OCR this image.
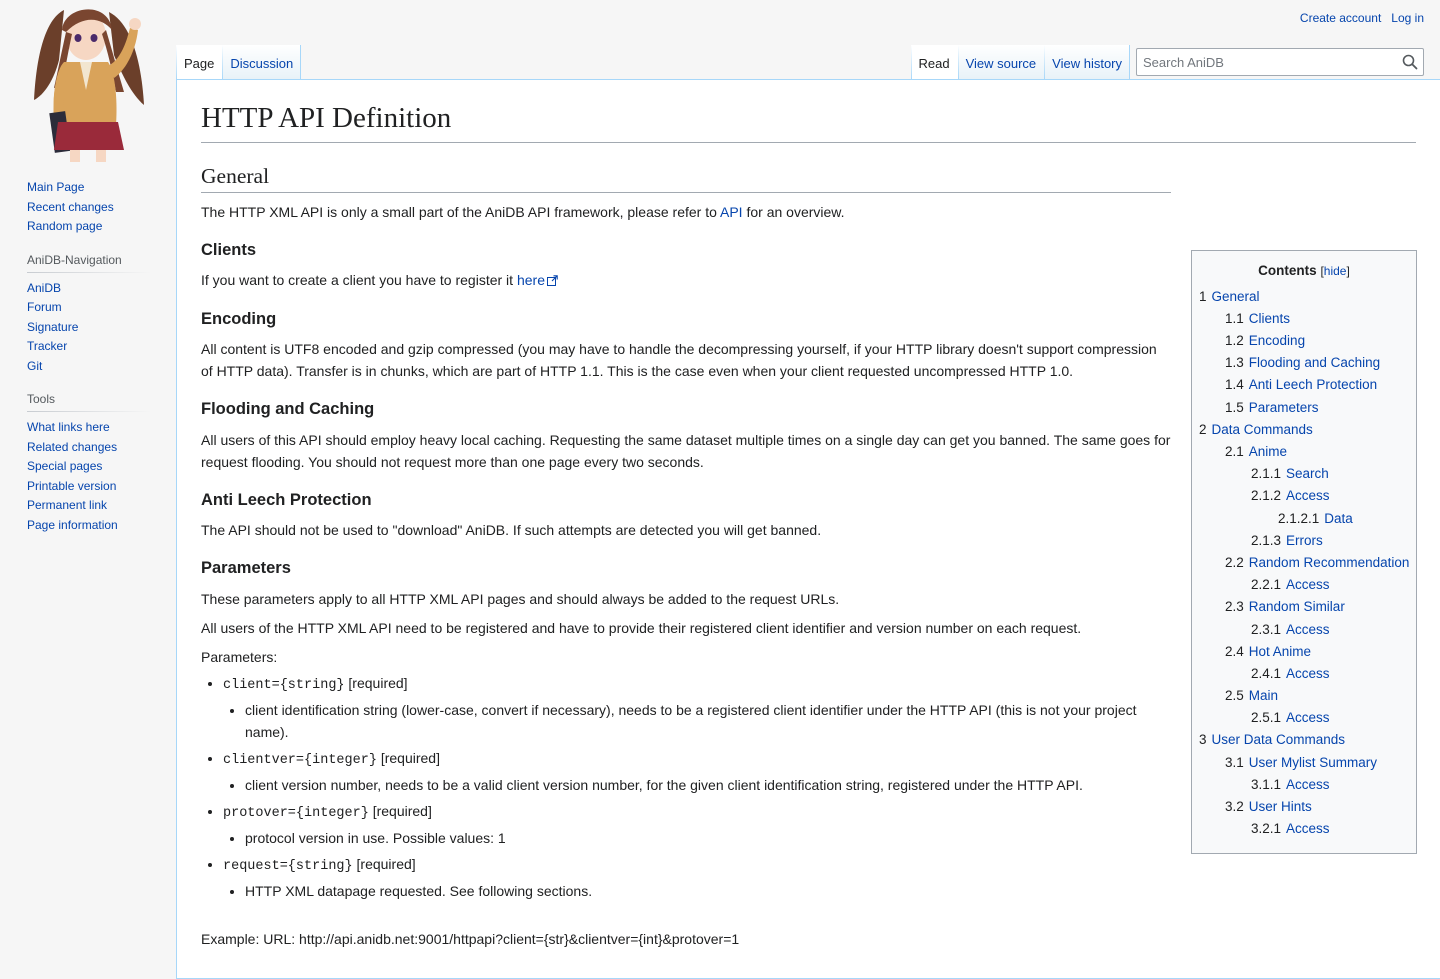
Create account Log in
Main Page
Recent changes
Random page
AniDB-Navigation
AniDB
Forum
Signature
Tracker
Git
Tools
What links here
Related changes
Special pages
Printable version
Permanent link
Page information
Page	Discussion	Read	View source	View history
Search AniDB
HTTP API Definition
General

The HTTP XML API is only a small part of the AniDB API framework, please refer to API for an overview.

Clients

If you want to create a client you have to register it here

Encoding

All content is UTF8 encoded and gzip compressed (you may have to handle the decompressing yourself, if your HTTP library doesn't support compression of HTTP data). Transfer is in chunks, which are part of HTTP 1.1. This is the case even when your client requested uncompressed HTTP 1.0.

Flooding and Caching

All users of this API should employ heavy local caching. Requesting the same dataset multiple times on a single day can get you banned. The same goes for request flooding. You should not request more than one page every two seconds.

Anti Leech Protection

The API should not be used to "download" AniDB. If such attempts are detected you will get banned.

Parameters

These parameters apply to all HTTP XML API pages and should always be added to the request URLs.

All users of the HTTP XML API need to be registered and have to provide their registered client identifier and version number on each request.

Parameters:

• client={string} [required]
• client identification string (lower-case, convert if necessary), needs to be a registered client identifier under the HTTP API (this is not your project name).
• clientver={integer} [required]
• client version number, needs to be a valid client version number, for the given client identification string, registered under the HTTP API.
• protover={integer} [required]
• protocol version in use. Possible values: 1
• request={string} [required]
• HTTP XML datapage requested. See following sections.

Example: URL: http://api.anidb.net:9001/httpapi?client={str}&clientver={int}&protover=1

Contents [hide]
1 General
1.1 Clients
1.2 Encoding
1.3 Flooding and Caching
1.4 Anti Leech Protection
1.5 Parameters
2 Data Commands
2.1 Anime
2.1.1 Search
2.1.2 Access
2.1.2.1 Data
2.1.3 Errors
2.2 Random Recommendation
2.2.1 Access
2.3 Random Similar
2.3.1 Access
2.4 Hot Anime
2.4.1 Access
2.5 Main
2.5.1 Access
3 User Data Commands
3.1 User Mylist Summary
3.1.1 Access
3.2 User Hints
3.2.1 Access
